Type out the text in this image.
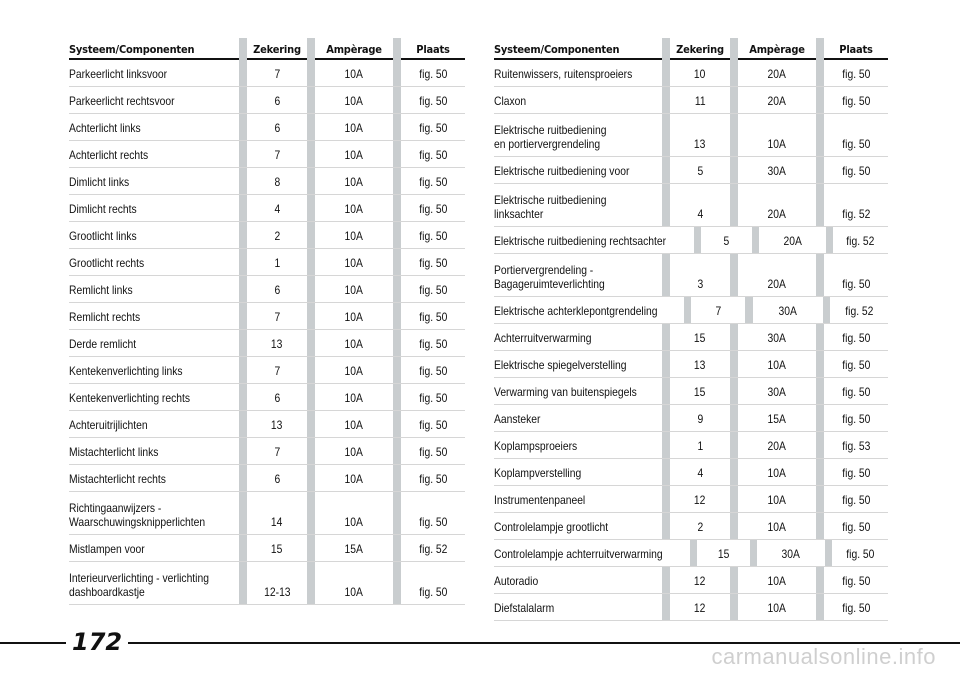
Systeem/Componenten	Zekering	Ampèrage	Plaats
Parkeerlicht linksvoor	7	10A	fig. 50
Parkeerlicht rechtsvoor	6	10A	fig. 50
Achterlicht links	6	10A	fig. 50
Achterlicht rechts	7	10A	fig. 50
Dimlicht links	8	10A	fig. 50
Dimlicht rechts	4	10A	fig. 50
Grootlicht links	2	10A	fig. 50
Grootlicht rechts	1	10A	fig. 50
Remlicht links	6	10A	fig. 50
Remlicht rechts	7	10A	fig. 50
Derde remlicht	13	10A	fig. 50
Kentekenverlichting links	7	10A	fig. 50
Kentekenverlichting rechts	6	10A	fig. 50
Achteruitrijlichten	13	10A	fig. 50
Mistachterlicht links	7	10A	fig. 50
Mistachterlicht rechts	6	10A	fig. 50
Richtingaanwijzers -
Waarschuwingsknipperlichten	14	10A	fig. 50
Mistlampen voor	15	15A	fig. 52
Interieurverlichting - verlichting
dashboardkastje	12-13	10A	fig. 50
Systeem/Componenten	Zekering	Ampèrage	Plaats
Ruitenwissers, ruitensproeiers	10	20A	fig. 50
Claxon	11	20A	fig. 50
Elektrische ruitbediening
en portiervergrendeling	13	10A	fig. 50
Elektrische ruitbediening voor	5	30A	fig. 50
Elektrische ruitbediening
linksachter	4	20A	fig. 52
Elektrische ruitbediening rechtsachter	5	20A	fig. 52
Portiervergrendeling -
Bagageruimteverlichting	3	20A	fig. 50
Elektrische achterklepontgrendeling	7	30A	fig. 52
Achterruitverwarming	15	30A	fig. 50
Elektrische spiegelverstelling	13	10A	fig. 50
Verwarming van buitenspiegels	15	30A	fig. 50
Aansteker	9	15A	fig. 50
Koplampsproeiers	1	20A	fig. 53
Koplampverstelling	4	10A	fig. 50
Instrumentenpaneel	12	10A	fig. 50
Controlelampje grootlicht	2	10A	fig. 50
Controlelampje achterruitverwarming	15	30A	fig. 50
Autoradio	12	10A	fig. 50
Diefstalalarm	12	10A	fig. 50
172
carmanualsonline.info
